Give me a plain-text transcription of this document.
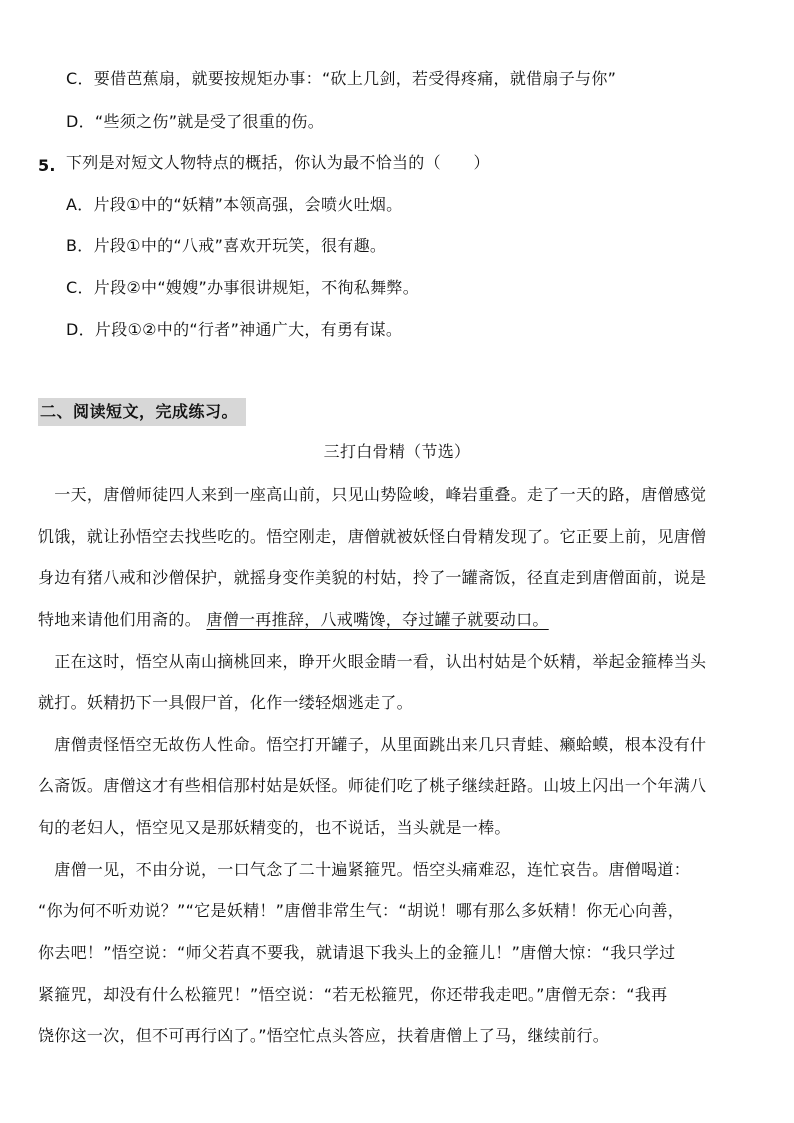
C．要借芭蕉扇，就要按规矩办事：“砍上几剑，若受得疼痛，就借扇子与你”
D．“些须之伤”就是受了很重的伤。
5. 下列是对短文人物特点的概括，你认为最不恰当的（　　）
A．片段①中的“妖精”本领高强，会喷火吐烟。
B．片段①中的“八戒”喜欢开玩笑，很有趣。
C．片段②中“嫂嫂”办事很讲规矩，不徇私舞弊。
D．片段①②中的“行者”神通广大，有勇有谋。
二、阅读短文，完成练习。
三打白骨精（节选）
　一天，唐僧师徒四人来到一座高山前，只见山势险峻，峰岩重叠。走了一天的路，唐僧感觉
饥饿，就让孙悟空去找些吃的。悟空刚走，唐僧就被妖怪白骨精发现了。它正要上前，见唐僧
身边有猪八戒和沙僧保护，就摇身变作美貌的村姑，拎了一罐斋饭，径直走到唐僧面前，说是
特地来请他们用斋的。 唐僧一再推辞，八戒嘴馋，夺过罐子就要动口。
　正在这时，悟空从南山摘桃回来，睁开火眼金睛一看，认出村姑是个妖精，举起金箍棒当头
就打。妖精扔下一具假尸首，化作一缕轻烟逃走了。
　唐僧责怪悟空无故伤人性命。悟空打开罐子，从里面跳出来几只青蛙、癞蛤蟆，根本没有什
么斋饭。唐僧这才有些相信那村姑是妖怪。师徒们吃了桃子继续赶路。山坡上闪出一个年满八
旬的老妇人，悟空见又是那妖精变的，也不说话，当头就是一棒。
　唐僧一见，不由分说，一口气念了二十遍紧箍咒。悟空头痛难忍，连忙哀告。唐僧喝道：
“你为何不听劝说？”“它是妖精！”唐僧非常生气：“胡说！哪有那么多妖精！你无心向善，
你去吧！”悟空说：“师父若真不要我，就请退下我头上的金箍儿！”唐僧大惊：“我只学过
紧箍咒，却没有什么松箍咒！”悟空说：“若无松箍咒，你还带我走吧。”唐僧无奈：“我再
饶你这一次，但不可再行凶了。”悟空忙点头答应，扶着唐僧上了马，继续前行。
